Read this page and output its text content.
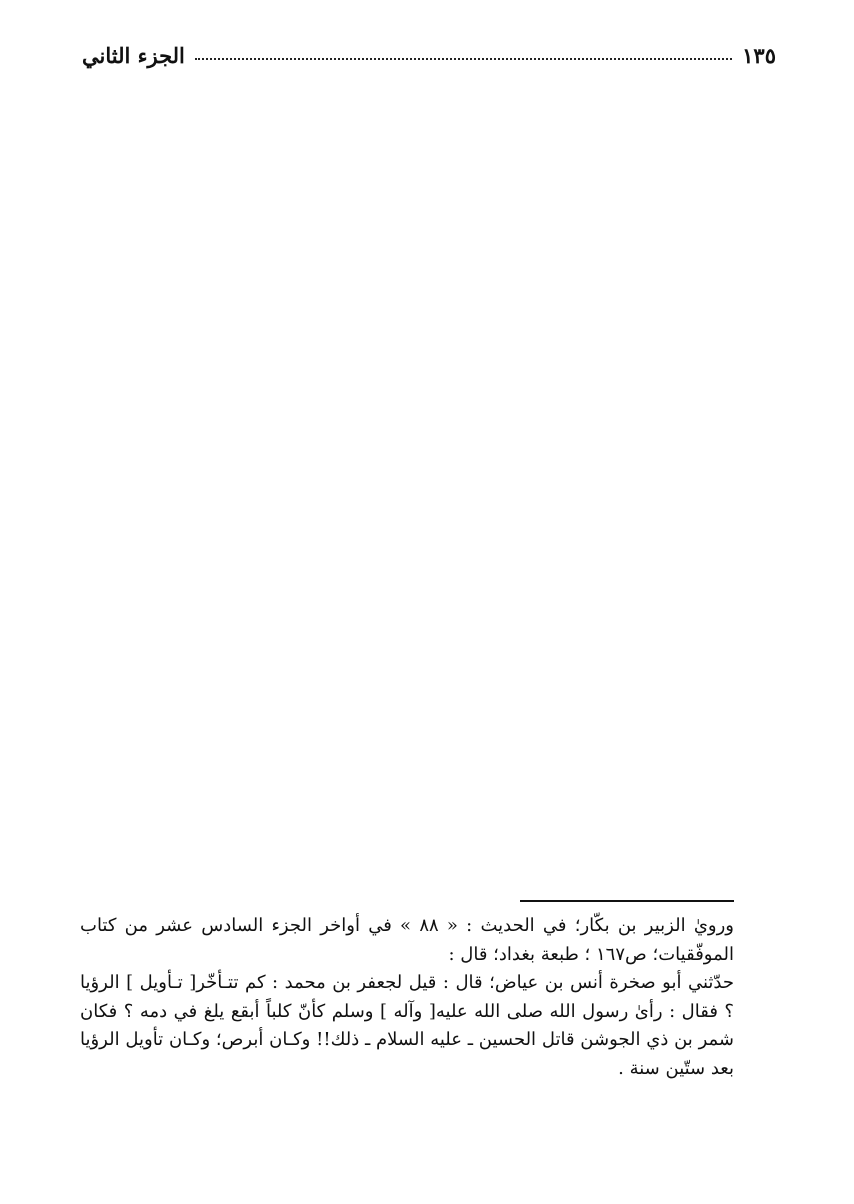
الجزء الثاني	١٣٥

ورويٰ الزبير بن بكّار؛ في الحديث : « ٨٨ » في أواخر الجزء السادس عشر من كتاب الموفّقيات؛ ص١٦٧ ؛ طبعة بغداد؛ قال :

حدّثني أبو صخرة أنس بن عياض؛ قال : قيل لجعفر بن محمد : كم تتـأخّر[ تـأويل ] الرؤيا ؟ فقال : رأىٰ رسول الله صلى الله عليه[ وآله ] وسلم كأنّ كلباً أبقع يلغ في دمه ؟ فكان شمر بن ذي الجوشن قاتل الحسين ـ عليه السلام ـ ذلك!! وكـان أبرص؛ وكـان تأويل الرؤيا بعد ستّين سنة .
